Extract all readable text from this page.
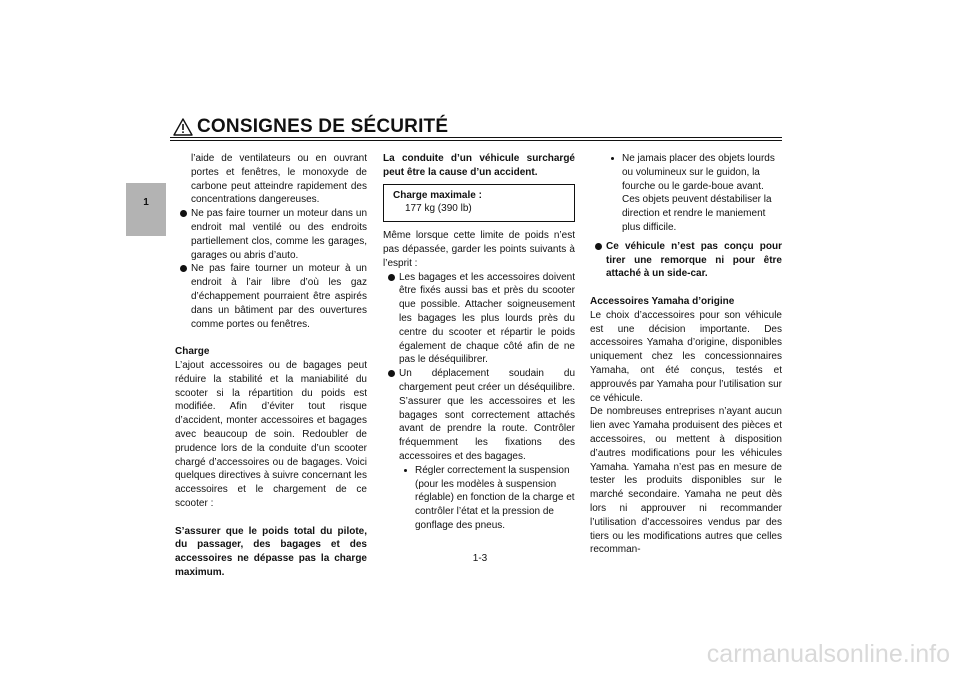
CONSIGNES DE SÉCURITÉ
1

l’aide de ventilateurs ou en ouvrant portes et fenêtres, le monoxyde de carbone peut atteindre rapidement des concentrations dangereuses.

Ne pas faire tourner un moteur dans un endroit mal ventilé ou des endroits partiellement clos, comme les garages, garages ou abris d’auto.

Ne pas faire tourner un moteur à un endroit à l’air libre d’où les gaz d’échappement pourraient être aspirés dans un bâtiment par des ouvertures comme portes ou fenêtres.

Charge

L’ajout accessoires ou de bagages peut réduire la stabilité et la maniabilité du scooter si la répartition du poids est modifiée. Afin d’éviter tout risque d’accident, monter accessoires et bagages avec beaucoup de soin. Redoubler de prudence lors de la conduite d’un scooter chargé d’accessoires ou de bagages. Voici quelques directives à suivre concernant les accessoires et le chargement de ce scooter :

S’assurer que le poids total du pilote, du passager, des bagages et des accessoires ne dépasse pas la charge maximum.

La conduite d’un véhicule surchargé peut être la cause d’un accident.

Charge maximale :
177 kg (390 lb)

Même lorsque cette limite de poids n’est pas dépassée, garder les points suivants à l’esprit :

Les bagages et les accessoires doivent être fixés aussi bas et près du scooter que possible. Attacher soigneusement les bagages les plus lourds près du centre du scooter et répartir le poids également de chaque côté afin de ne pas le déséquilibrer.

Un déplacement soudain du chargement peut créer un déséquilibre. S’assurer que les accessoires et les bagages sont correctement attachés avant de prendre la route. Contrôler fréquemment les fixations des accessoires et des bagages.

Régler correctement la suspension (pour les modèles à suspension réglable) en fonction de la charge et contrôler l’état et la pression de gonflage des pneus.

Ne jamais placer des objets lourds ou volumineux sur le guidon, la fourche ou le garde-boue avant. Ces objets peuvent déstabiliser la direction et rendre le maniement plus difficile.

Ce véhicule n’est pas conçu pour tirer une remorque ni pour être attaché à un side-car.

Accessoires Yamaha d’origine

Le choix d’accessoires pour son véhicule est une décision importante. Des accessoires Yamaha d’origine, disponibles uniquement chez les concessionnaires Yamaha, ont été conçus, testés et approuvés par Yamaha pour l’utilisation sur ce véhicule.

De nombreuses entreprises n’ayant aucun lien avec Yamaha produisent des pièces et accessoires, ou mettent à disposition d’autres modifications pour les véhicules Yamaha. Yamaha n’est pas en mesure de tester les produits disponibles sur le marché secondaire. Yamaha ne peut dès lors ni approuver ni recommander l’utilisation d’accessoires vendus par des tiers ou les modifications autres que celles recomman-

1-3
carmanualsonline.info
